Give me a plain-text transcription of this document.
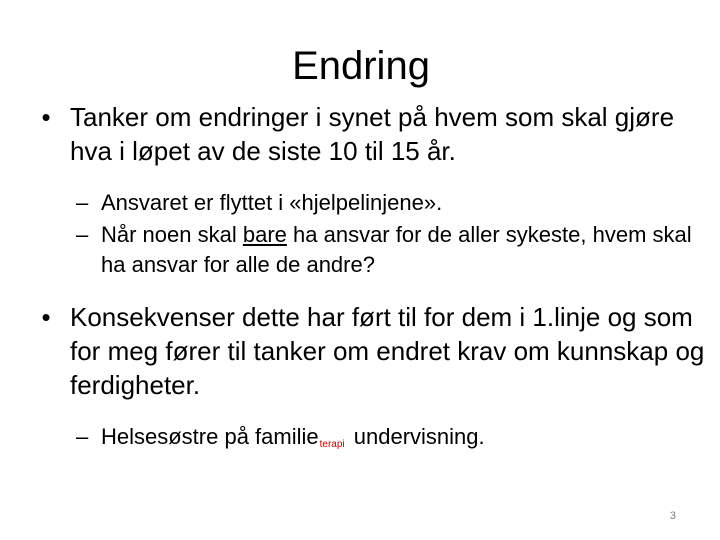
Endring
• Tanker om endringer i synet på hvem som skal gjøre hva i løpet av de siste 10 til 15 år.
– Ansvaret er flyttet i «hjelpelinjene».
– Når noen skal bare ha ansvar for de aller sykeste, hvem skal ha ansvar for alle de andre?
• Konsekvenser dette har ført til for dem i 1.linje og som for meg fører til tanker om endret krav om kunnskap og ferdigheter.
– Helsesøstre på familieterapi undervisning.
3
